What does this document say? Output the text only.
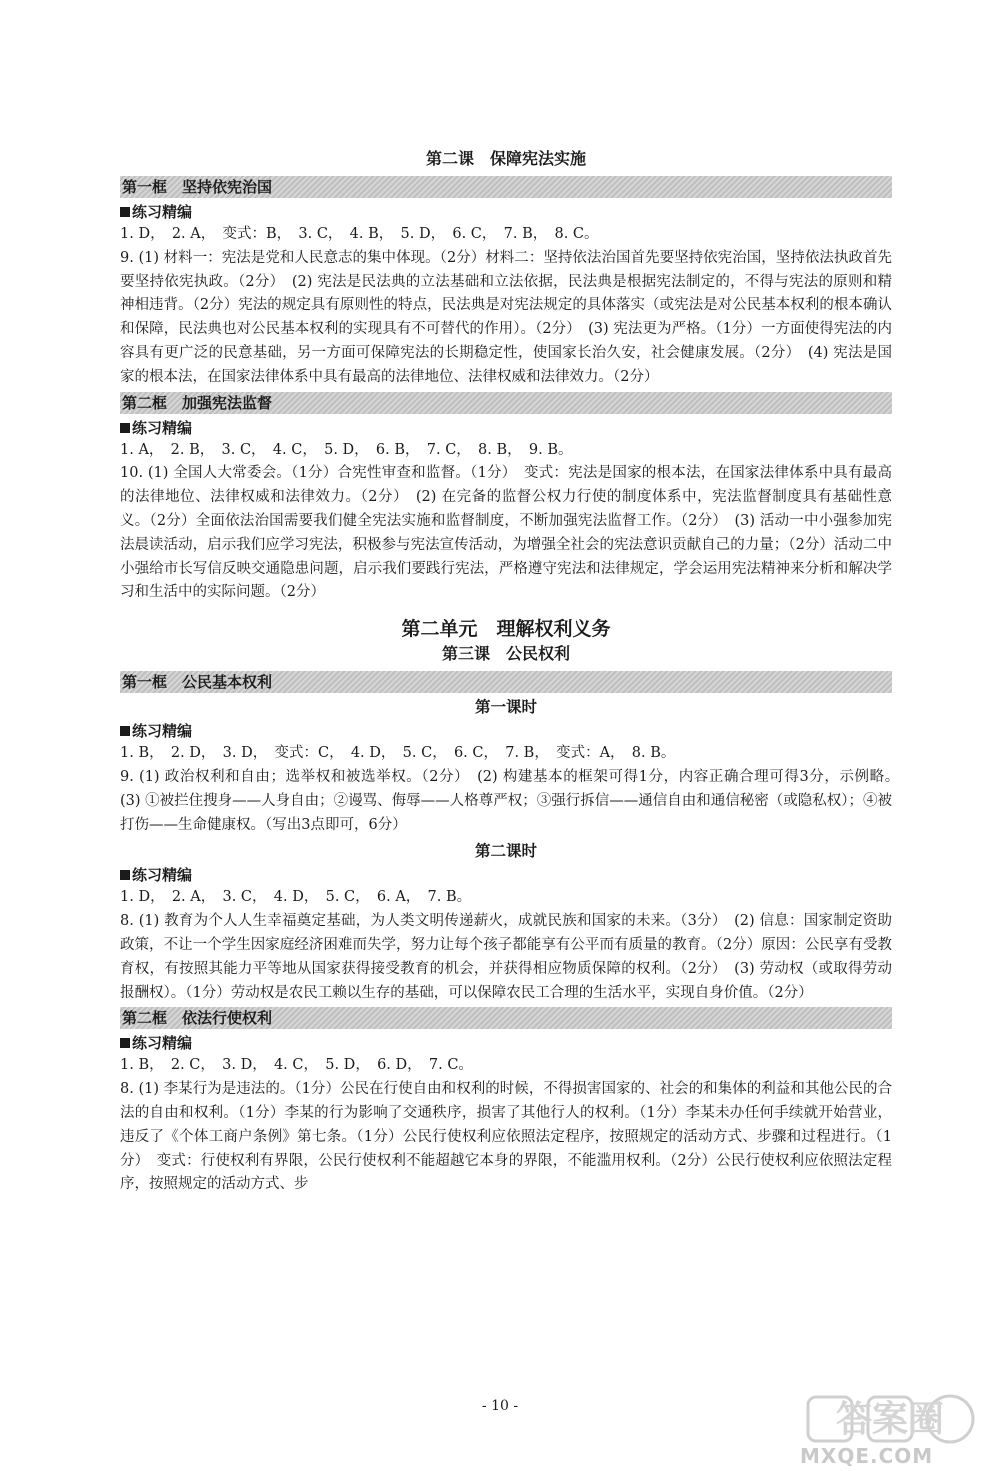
第二课　保障宪法实施
第一框　坚持依宪治国
练习精编

1. D，　2. A，　变式：B，　3. C，　4. B，　5. D，　6. C，　7. B，　8. C。

9. (1) 材料一：宪法是党和人民意志的集中体现。（2分）材料二：坚持依法治国首先要坚持依宪治国，坚持依法执政首先要坚持依宪执政。（2分）　(2) 宪法是民法典的立法基础和立法依据，民法典是根据宪法制定的，不得与宪法的原则和精神相违背。（2分）宪法的规定具有原则性的特点，民法典是对宪法规定的具体落实（或宪法是对公民基本权利的根本确认和保障，民法典也对公民基本权利的实现具有不可替代的作用）。（2分）　(3) 宪法更为严格。（1分）一方面使得宪法的内容具有更广泛的民意基础，另一方面可保障宪法的长期稳定性，使国家长治久安，社会健康发展。（2分）　(4) 宪法是国家的根本法，在国家法律体系中具有最高的法律地位、法律权威和法律效力。（2分）

第二框　加强宪法监督
练习精编

1. A，　2. B，　3. C，　4. C，　5. D，　6. B，　7. C，　8. B，　9. B。

10. (1) 全国人大常委会。（1分）合宪性审查和监督。（1分）　变式：宪法是国家的根本法，在国家法律体系中具有最高的法律地位、法律权威和法律效力。（2分）　(2) 在完备的监督公权力行使的制度体系中，宪法监督制度具有基础性意义。（2分）全面依法治国需要我们健全宪法实施和监督制度，不断加强宪法监督工作。（2分）　(3) 活动一中小强参加宪法晨读活动，启示我们应学习宪法，积极参与宪法宣传活动，为增强全社会的宪法意识贡献自己的力量；（2分）活动二中小强给市长写信反映交通隐患问题，启示我们要践行宪法，严格遵守宪法和法律规定，学会运用宪法精神来分析和解决学习和生活中的实际问题。（2分）

第二单元　理解权利义务
第三课　公民权利
第一框　公民基本权利
第一课时
练习精编

1. B，　2. D，　3. D，　变式：C，　4. D，　5. C，　6. C，　7. B，　变式：A，　8. B。

9. (1) 政治权利和自由；选举权和被选举权。（2分）　(2) 构建基本的框架可得1分，内容正确合理可得3分，示例略。　(3) ①被拦住搜身——人身自由；②谩骂、侮辱——人格尊严权；③强行拆信——通信自由和通信秘密（或隐私权）；④被打伤——生命健康权。（写出3点即可，6分）

第二课时
练习精编

1. D，　2. A，　3. C，　4. D，　5. C，　6. A，　7. B。

8. (1) 教育为个人人生幸福奠定基础，为人类文明传递薪火，成就民族和国家的未来。（3分）　(2) 信息：国家制定资助政策，不让一个学生因家庭经济困难而失学，努力让每个孩子都能享有公平而有质量的教育。（2分）原因：公民享有受教育权，有按照其能力平等地从国家获得接受教育的机会，并获得相应物质保障的权利。（2分）　(3) 劳动权（或取得劳动报酬权）。（1分）劳动权是农民工赖以生存的基础，可以保障农民工合理的生活水平，实现自身价值。（2分）

第二框　依法行使权利
练习精编

1. B，　2. C，　3. D，　4. C，　5. D，　6. D，　7. C。

8. (1) 李某行为是违法的。（1分）公民在行使自由和权利的时候，不得损害国家的、社会的和集体的利益和其他公民的合法的自由和权利。（1分）李某的行为影响了交通秩序，损害了其他行人的权利。（1分）李某未办任何手续就开始营业，违反了《个体工商户条例》第七条。（1分）公民行使权利应依照法定程序，按照规定的活动方式、步骤和过程进行。（1分）　变式：行使权利有界限，公民行使权利不能超越它本身的界限，不能滥用权利。（2分）公民行使权利应依照法定程序，按照规定的活动方式、步

- 10 -	答案圈
MXQE.COM
